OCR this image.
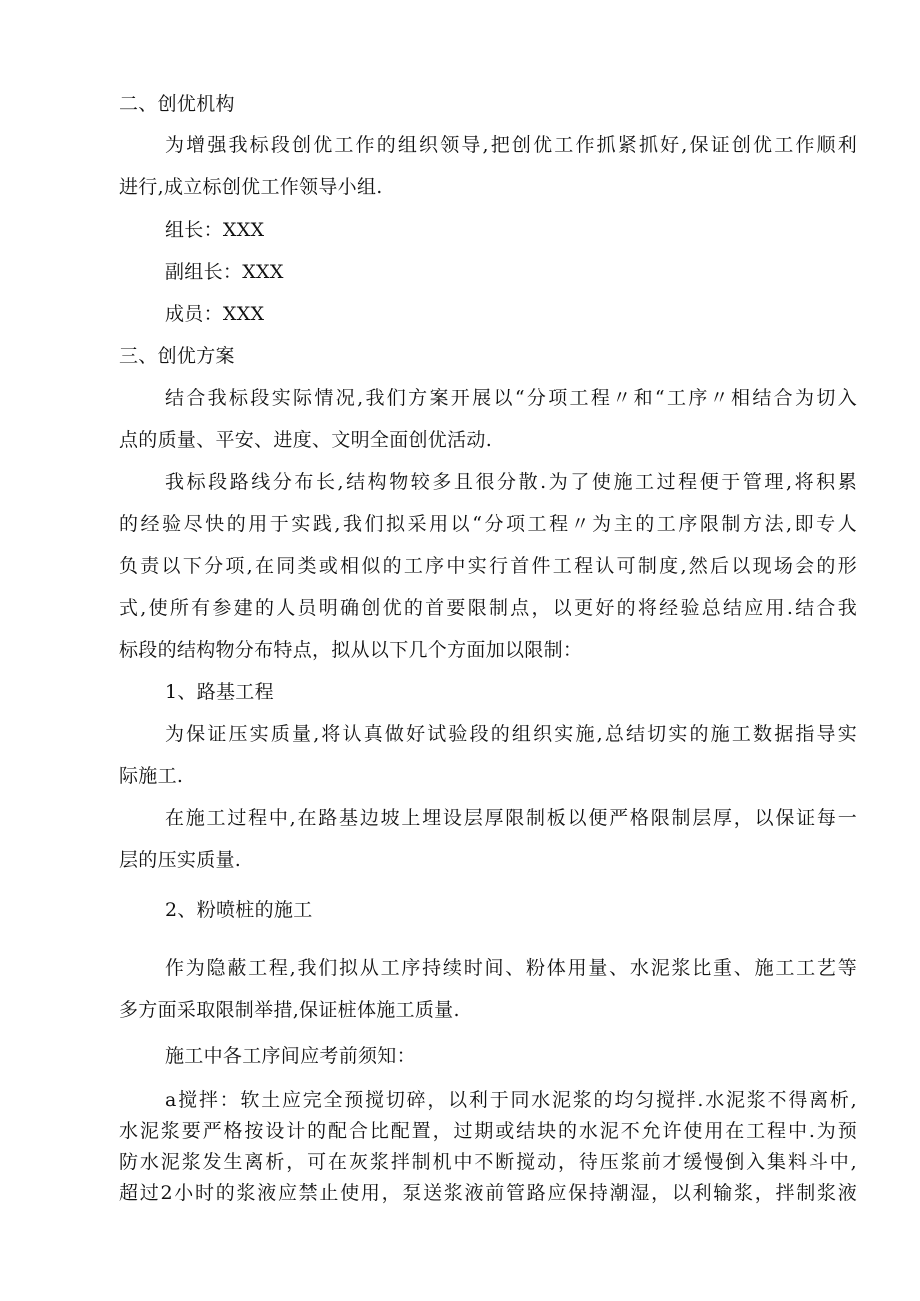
二、创优机构
为增强我标段创优工作的组织领导,把创优工作抓紧抓好,保证创优工作顺利
进行,成立标创优工作领导小组.
组长：XXX
副组长：XXX
成员：XXX
三、创优方案
结合我标段实际情况,我们方案开展以“分项工程〃和“工序〃相结合为切入
点的质量、平安、进度、文明全面创优活动.
我标段路线分布长,结构物较多且很分散.为了使施工过程便于管理,将积累
的经验尽快的用于实践,我们拟采用以“分项工程〃为主的工序限制方法,即专人
负责以下分项,在同类或相似的工序中实行首件工程认可制度,然后以现场会的形
式,使所有参建的人员明确创优的首要限制点，以更好的将经验总结应用.结合我
标段的结构物分布特点，拟从以下几个方面加以限制：
1、路基工程
为保证压实质量,将认真做好试验段的组织实施,总结切实的施工数据指导实
际施工.
在施工过程中,在路基边坡上埋设层厚限制板以便严格限制层厚，以保证每一
层的压实质量.
2、粉喷桩的施工
作为隐蔽工程,我们拟从工序持续时间、粉体用量、水泥浆比重、施工工艺等
多方面采取限制举措,保证桩体施工质量.
施工中各工序间应考前须知：
a搅拌：软土应完全预搅切碎，以利于同水泥浆的均匀搅拌.水泥浆不得离析,
水泥浆要严格按设计的配合比配置，过期或结块的水泥不允许使用在工程中.为预
防水泥浆发生离析，可在灰浆拌制机中不断搅动，待压浆前才缓慢倒入集料斗中,
超过2小时的浆液应禁止使用，泵送浆液前管路应保持潮湿，以利输浆，拌制浆液
